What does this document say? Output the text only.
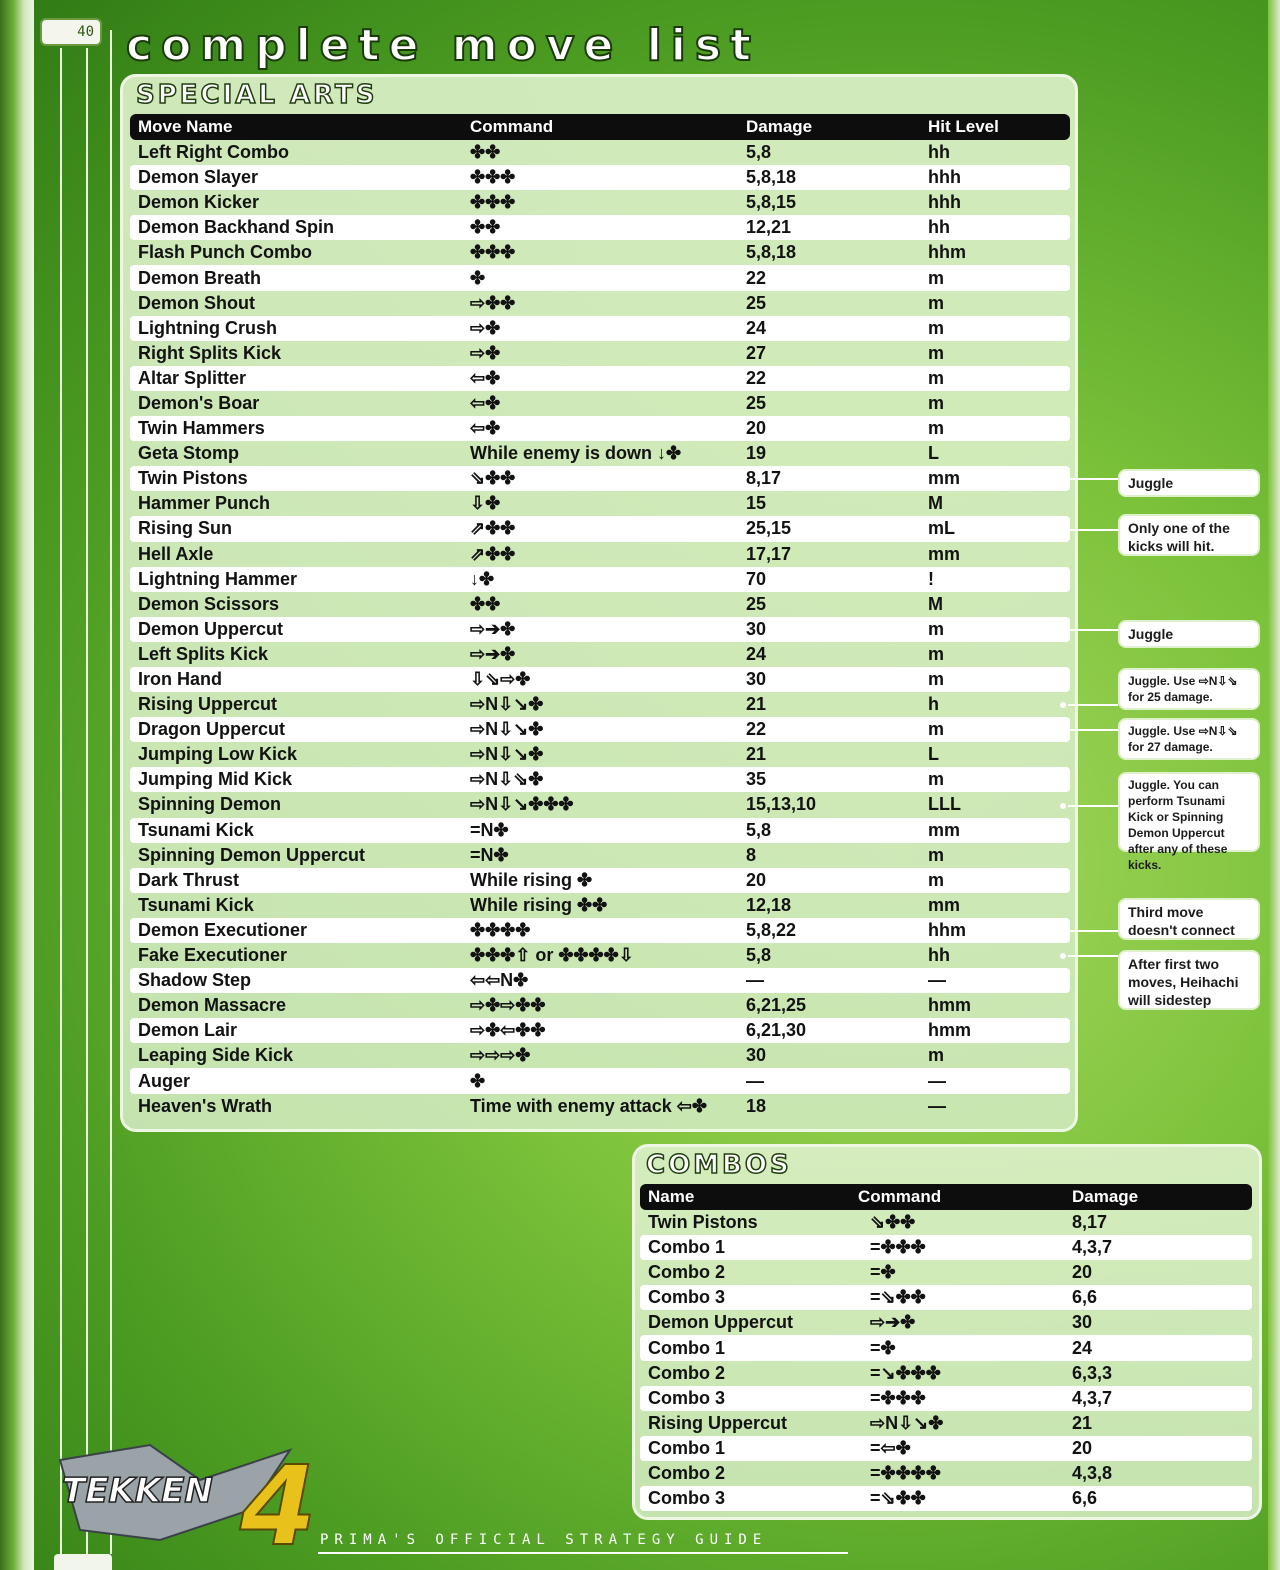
40 complete move list
SPECIAL ARTS
Move Name	Command	Damage	Hit Level
Left Right Combo	✤✤	5,8	hh
Demon Slayer	✤✤✤	5,8,18	hhh
Demon Kicker	✤✤✤	5,8,15	hhh
Demon Backhand Spin	✤✤	12,21	hh
Flash Punch Combo	✤✤✤	5,8,18	hhm
Demon Breath	✤	22	m
Demon Shout	⇨✤✤	25	m
Lightning Crush	⇨✤	24	m
Right Splits Kick	⇨✤	27	m
Altar Splitter	⇦✤	22	m
Demon's Boar	⇦✤	25	m
Twin Hammers	⇦✤	20	m
Geta Stomp	While enemy is down ↓✤	19	L
Twin Pistons	⇘✤✤	8,17	mm
Hammer Punch	⇩✤	15	M
Rising Sun	⇗✤✤	25,15	mL
Hell Axle	⇗✤✤	17,17	mm
Lightning Hammer	↓✤	70	!
Demon Scissors	✤✤	25	M
Demon Uppercut	⇨➔✤	30	m
Left Splits Kick	⇨➔✤	24	m
Iron Hand	⇩⇘⇨✤	30	m
Rising Uppercut	⇨N⇩↘✤	21	h
Dragon Uppercut	⇨N⇩↘✤	22	m
Jumping Low Kick	⇨N⇩↘✤	21	L
Jumping Mid Kick	⇨N⇩⇘✤	35	m
Spinning Demon	⇨N⇩↘✤✤✤	15,13,10	LLL
Tsunami Kick	=N✤	5,8	mm
Spinning Demon Uppercut	=N✤	8	m
Dark Thrust	While rising ✤	20	m
Tsunami Kick	While rising ✤✤	12,18	mm
Demon Executioner	✤✤✤✤	5,8,22	hhm
Fake Executioner	✤✤✤⇧ or ✤✤✤✤⇩	5,8	hh
Shadow Step	⇦⇦N✤	—	—
Demon Massacre	⇨✤⇨✤✤	6,21,25	hmm
Demon Lair	⇨✤⇦✤✤	6,21,30	hmm
Leaping Side Kick	⇨⇨⇨✤	30	m
Auger	✤	—	—
Heaven's Wrath	Time with enemy attack ⇦✤	18	—
Juggle
Only one of the kicks will hit.
Juggle
Juggle. Use ⇨N⇩⇘ for 25 damage.
Juggle. Use ⇨N⇩⇘ for 27 damage.
Juggle. You can perform Tsunami Kick or Spinning Demon Uppercut after any of these kicks.
Third move doesn't connect
After first two moves, Heihachi will sidestep
COMBOS
Name	Command	Damage
Twin Pistons	⇘✤✤	8,17
Combo 1	=✤✤✤	4,3,7
Combo 2	=✤	20
Combo 3	=⇘✤✤	6,6
Demon Uppercut	⇨➔✤	30
Combo 1	=✤	24
Combo 2	=↘✤✤✤	6,3,3
Combo 3	=✤✤✤	4,3,7
Rising Uppercut	⇨N⇩↘✤	21
Combo 1	=⇦✤	20
Combo 2	=✤✤✤✤	4,3,8
Combo 3	=⇘✤✤	6,6
TEKKEN 4 PRIMA'S OFFICIAL STRATEGY GUIDE
